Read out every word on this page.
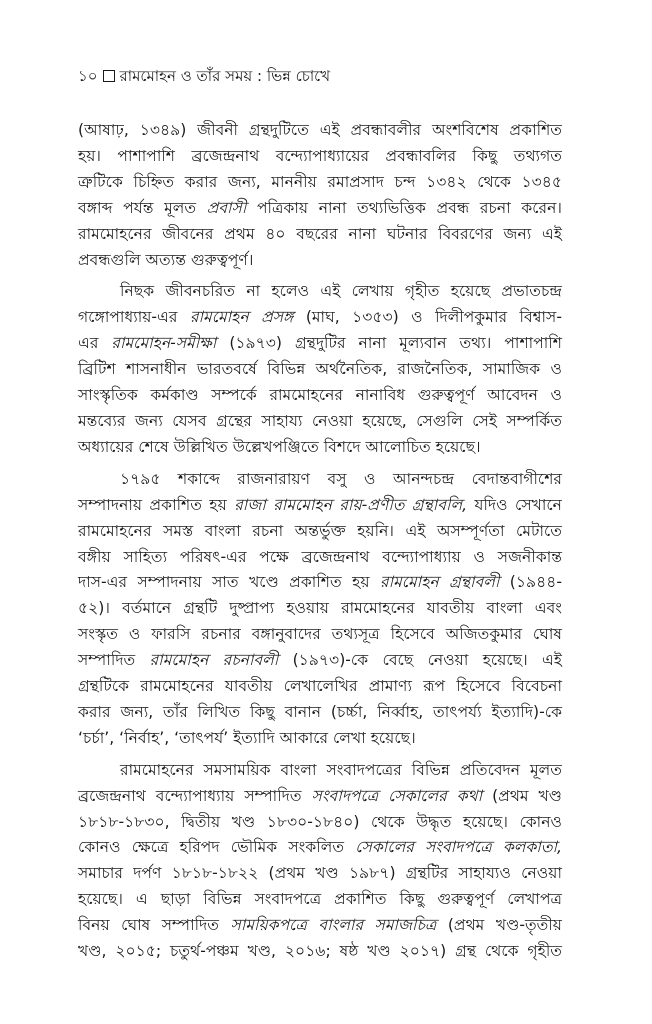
১০ রামমোহন ও তাঁর সময় : ভিন্ন চোখে
(আষাঢ়, ১৩৪৯) জীবনী গ্রন্থদুটিতে এই প্রবন্ধাবলীর অংশবিশেষ প্রকাশিত
হয়। পাশাপাশি ব্রজেন্দ্রনাথ বন্দ্যোপাধ্যায়ের প্রবন্ধাবলির কিছু তথ্যগত
ত্রুটিকে চিহ্নিত করার জন্য, মাননীয় রমাপ্রসাদ চন্দ ১৩৪২ থেকে ১৩৪৫
বঙ্গাব্দ পর্যন্ত মূলত প্রবাসী পত্রিকায় নানা তথ্যভিত্তিক প্রবন্ধ রচনা করেন।
রামমোহনের জীবনের প্রথম ৪০ বছরের নানা ঘটনার বিবরণের জন্য এই
প্রবন্ধগুলি অত্যন্ত গুরুত্বপূর্ণ।
নিছক জীবনচরিত না হলেও এই লেখায় গৃহীত হয়েছে প্রভাতচন্দ্র
গঙ্গোপাধ্যায়-এর রামমোহন প্রসঙ্গ (মাঘ, ১৩৫৩) ও দিলীপকুমার বিশ্বাস-
এর রামমোহন-সমীক্ষা (১৯৭৩) গ্রন্থদুটির নানা মূল্যবান তথ্য। পাশাপাশি
ব্রিটিশ শাসনাধীন ভারতবর্ষে বিভিন্ন অর্থনৈতিক, রাজনৈতিক, সামাজিক ও
সাংস্কৃতিক কর্মকাণ্ড সম্পর্কে রামমোহনের নানাবিধ গুরুত্বপূর্ণ আবেদন ও
মন্তব্যের জন্য যেসব গ্রন্থের সাহায্য নেওয়া হয়েছে, সেগুলি সেই সম্পর্কিত
অধ্যায়ের শেষে উল্লিখিত উল্লেখপঞ্জিতে বিশদে আলোচিত হয়েছে।
১৭৯৫ শকাব্দে রাজনারায়ণ বসু ও আনন্দচন্দ্র বেদান্তবাগীশের
সম্পাদনায় প্রকাশিত হয় রাজা রামমোহন রায়-প্রণীত গ্রন্থাবলি, যদিও সেখানে
রামমোহনের সমস্ত বাংলা রচনা অন্তর্ভুক্ত হয়নি। এই অসম্পূর্ণতা মেটাতে
বঙ্গীয় সাহিত্য পরিষৎ-এর পক্ষে ব্রজেন্দ্রনাথ বন্দ্যোপাধ্যায় ও সজনীকান্ত
দাস-এর সম্পাদনায় সাত খণ্ডে প্রকাশিত হয় রামমোহন গ্রন্থাবলী (১৯৪৪-
৫২)। বর্তমানে গ্রন্থটি দুষ্প্রাপ্য হওয়ায় রামমোহনের যাবতীয় বাংলা এবং
সংস্কৃত ও ফারসি রচনার বঙ্গানুবাদের তথ্যসূত্র হিসেবে অজিতকুমার ঘোষ
সম্পাদিত রামমোহন রচনাবলী (১৯৭৩)-কে বেছে নেওয়া হয়েছে। এই
গ্রন্থটিকে রামমোহনের যাবতীয় লেখালেখির প্রামাণ্য রূপ হিসেবে বিবেচনা
করার জন্য, তাঁর লিখিত কিছু বানান (চর্চ্চা, নির্ব্বাহ, তাৎপর্য্য ইত্যাদি)-কে
‘চর্চা’, ‘নির্বাহ’, ‘তাৎপর্য’ ইত্যাদি আকারে লেখা হয়েছে।
রামমোহনের সমসাময়িক বাংলা সংবাদপত্রের বিভিন্ন প্রতিবেদন মূলত
ব্রজেন্দ্রনাথ বন্দ্যোপাধ্যায় সম্পাদিত সংবাদপত্রে সেকালের কথা (প্রথম খণ্ড
১৮১৮-১৮৩০, দ্বিতীয় খণ্ড ১৮৩০-১৮৪০) থেকে উদ্ধৃত হয়েছে। কোনও
কোনও ক্ষেত্রে হরিপদ ভৌমিক সংকলিত সেকালের সংবাদপত্রে কলকাতা,
সমাচার দর্পণ ১৮১৮-১৮২২ (প্রথম খণ্ড ১৯৮৭) গ্রন্থটির সাহায্যও নেওয়া
হয়েছে। এ ছাড়া বিভিন্ন সংবাদপত্রে প্রকাশিত কিছু গুরুত্বপূর্ণ লেখাপত্র
বিনয় ঘোষ সম্পাদিত সাময়িকপত্রে বাংলার সমাজচিত্র (প্রথম খণ্ড-তৃতীয়
খণ্ড, ২০১৫; চতুর্থ-পঞ্চম খণ্ড, ২০১৬; ষষ্ঠ খণ্ড ২০১৭) গ্রন্থ থেকে গৃহীত
